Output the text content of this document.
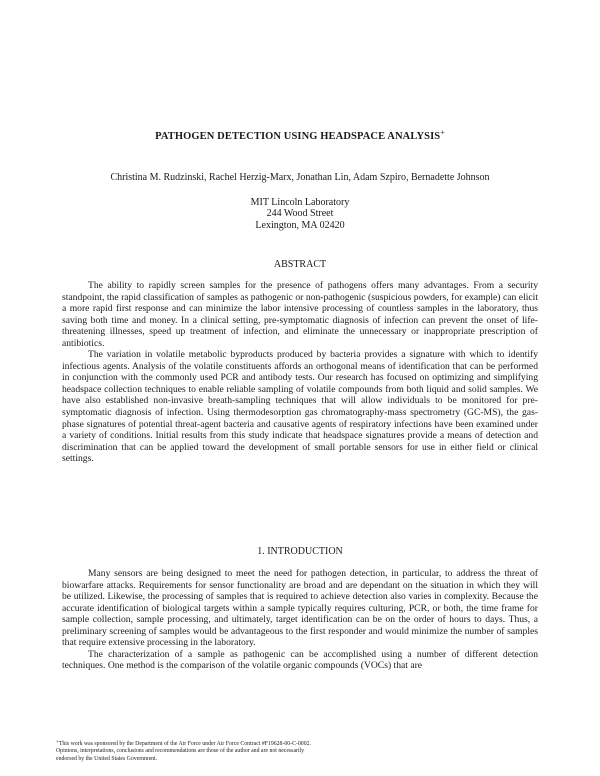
PATHOGEN DETECTION USING HEADSPACE ANALYSIS+
Christina M. Rudzinski, Rachel Herzig-Marx, Jonathan Lin, Adam Szpiro, Bernadette Johnson
MIT Lincoln Laboratory
244 Wood Street
Lexington, MA 02420
ABSTRACT

The ability to rapidly screen samples for the presence of pathogens offers many advantages. From a security standpoint, the rapid classification of samples as pathogenic or non-pathogenic (suspicious powders, for example) can elicit a more rapid first response and can minimize the labor intensive processing of countless samples in the laboratory, thus saving both time and money. In a clinical setting, pre-symptomatic diagnosis of infection can prevent the onset of life-threatening illnesses, speed up treatment of infection, and eliminate the unnecessary or inappropriate prescription of antibiotics.

The variation in volatile metabolic byproducts produced by bacteria provides a signature with which to identify infectious agents. Analysis of the volatile constituents affords an orthogonal means of identification that can be performed in conjunction with the commonly used PCR and antibody tests. Our research has focused on optimizing and simplifying headspace collection techniques to enable reliable sampling of volatile compounds from both liquid and solid samples. We have also established non-invasive breath-sampling techniques that will allow individuals to be monitored for pre-symptomatic diagnosis of infection. Using thermodesorption gas chromatography-mass spectrometry (GC-MS), the gas-phase signatures of potential threat-agent bacteria and causative agents of respiratory infections have been examined under a variety of conditions. Initial results from this study indicate that headspace signatures provide a means of detection and discrimination that can be applied toward the development of small portable sensors for use in either field or clinical settings.

1. INTRODUCTION

Many sensors are being designed to meet the need for pathogen detection, in particular, to address the threat of biowarfare attacks. Requirements for sensor functionality are broad and are dependant on the situation in which they will be utilized. Likewise, the processing of samples that is required to achieve detection also varies in complexity. Because the accurate identification of biological targets within a sample typically requires culturing, PCR, or both, the time frame for sample collection, sample processing, and ultimately, target identification can be on the order of hours to days. Thus, a preliminary screening of samples would be advantageous to the first responder and would minimize the number of samples that require extensive processing in the laboratory.

The characterization of a sample as pathogenic can be accomplished using a number of different detection techniques. One method is the comparison of the volatile organic compounds (VOCs) that are

+This work was sponsored by the Department of the Air Force under Air Force Contract #F19628-00-C-0002.
Opinions, interpretations, conclusions and recommendations are those of the author and are not necessarily
endorsed by the United States Government.
